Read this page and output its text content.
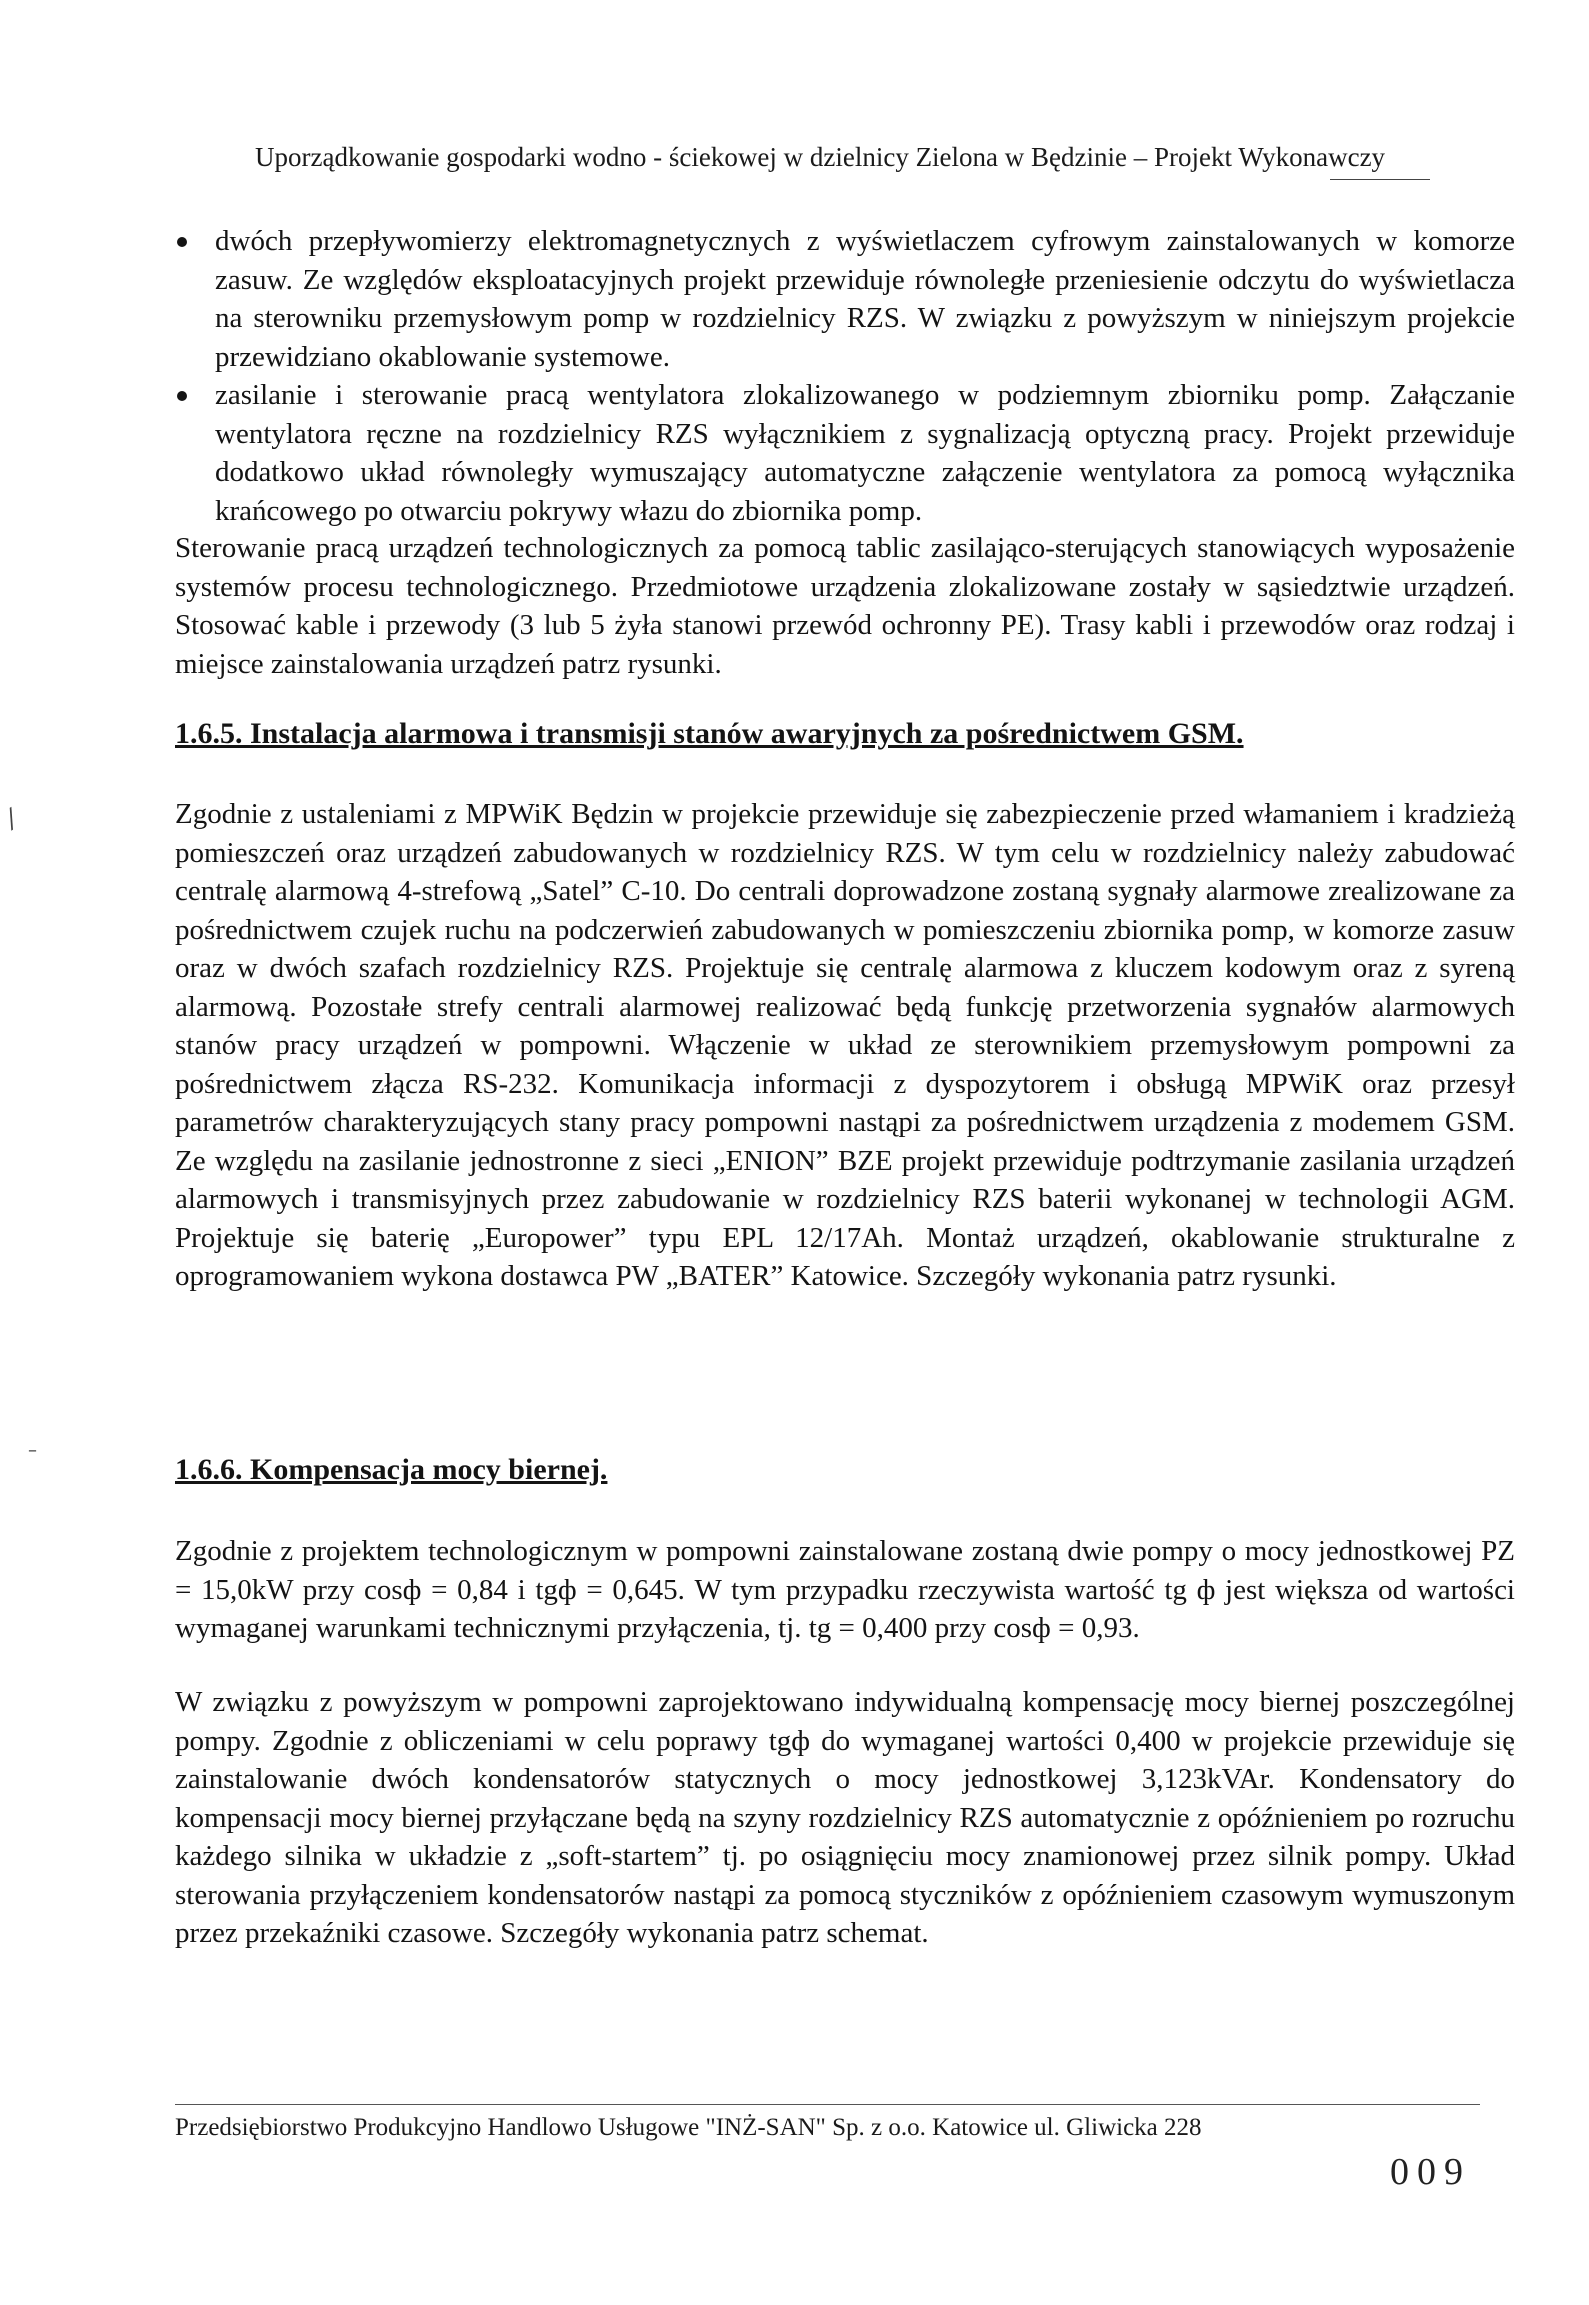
Uporządkowanie gospodarki wodno - ściekowej w dzielnicy Zielona w Będzinie – Projekt Wykonawczy
dwóch przepływomierzy elektromagnetycznych z wyświetlaczem cyfrowym zainstalowanych w komorze zasuw. Ze względów eksploatacyjnych projekt przewiduje równoległe przeniesienie odczytu do wyświetlacza na sterowniku przemysłowym pomp w rozdzielnicy RZS. W związku z powyższym w niniejszym projekcie przewidziano okablowanie systemowe.
zasilanie i sterowanie pracą wentylatora zlokalizowanego w podziemnym zbiorniku pomp. Załączanie wentylatora ręczne na rozdzielnicy RZS wyłącznikiem z sygnalizacją optyczną pracy. Projekt przewiduje dodatkowo układ równoległy wymuszający automatyczne załączenie wentylatora za pomocą wyłącznika krańcowego po otwarciu pokrywy włazu do zbiornika pomp.
Sterowanie pracą urządzeń technologicznych za pomocą tablic zasilająco-sterujących stanowiących wyposażenie systemów procesu technologicznego. Przedmiotowe urządzenia zlokalizowane zostały w sąsiedztwie urządzeń. Stosować kable i przewody (3 lub 5 żyła stanowi przewód ochronny PE). Trasy kabli i przewodów oraz rodzaj i miejsce zainstalowania urządzeń patrz rysunki.
1.6.5. Instalacja alarmowa i transmisji stanów awaryjnych za pośrednictwem GSM.
Zgodnie z ustaleniami z MPWiK Będzin w projekcie przewiduje się zabezpieczenie przed włamaniem i kradzieżą pomieszczeń oraz urządzeń zabudowanych w rozdzielnicy RZS. W tym celu w rozdzielnicy należy zabudować centralę alarmową 4-strefową „Satel” C-10. Do centrali doprowadzone zostaną sygnały alarmowe zrealizowane za pośrednictwem czujek ruchu na podczerwień zabudowanych w pomieszczeniu zbiornika pomp, w komorze zasuw oraz w dwóch szafach rozdzielnicy RZS. Projektuje się centralę alarmowa z kluczem kodowym oraz z syreną alarmową. Pozostałe strefy centrali alarmowej realizować będą funkcję przetworzenia sygnałów alarmowych stanów pracy urządzeń w pompowni. Włączenie w układ ze sterownikiem przemysłowym pompowni za pośrednictwem złącza RS-232. Komunikacja informacji z dyspozytorem i obsługą MPWiK oraz przesył parametrów charakteryzujących stany pracy pompowni nastąpi za pośrednictwem urządzenia z modemem GSM. Ze względu na zasilanie jednostronne z sieci „ENION” BZE projekt przewiduje podtrzymanie zasilania urządzeń alarmowych i transmisyjnych przez zabudowanie w rozdzielnicy RZS baterii wykonanej w technologii AGM. Projektuje się baterię „Europower” typu EPL 12/17Ah. Montaż urządzeń, okablowanie strukturalne z oprogramowaniem wykona dostawca PW „BATER” Katowice. Szczegóły wykonania patrz rysunki.
1.6.6. Kompensacja mocy biernej.
Zgodnie z projektem technologicznym w pompowni zainstalowane zostaną dwie pompy o mocy jednostkowej PZ = 15,0kW przy cosф = 0,84 i tgф = 0,645. W tym przypadku rzeczywista wartość tg ф jest większa od wartości wymaganej warunkami technicznymi przyłączenia, tj. tg = 0,400 przy cosф = 0,93.
W związku z powyższym w pompowni zaprojektowano indywidualną kompensację mocy biernej poszczególnej pompy. Zgodnie z obliczeniami w celu poprawy tgф do wymaganej wartości 0,400 w projekcie przewiduje się zainstalowanie dwóch kondensatorów statycznych o mocy jednostkowej 3,123kVAr. Kondensatory do kompensacji mocy biernej przyłączane będą na szyny rozdzielnicy RZS automatycznie z opóźnieniem po rozruchu każdego silnika w układzie z „soft-startem” tj. po osiągnięciu mocy znamionowej przez silnik pompy. Układ sterowania przyłączeniem kondensatorów nastąpi za pomocą styczników z opóźnieniem czasowym wymuszonym przez przekaźniki czasowe. Szczegóły wykonania patrz schemat.
⁄
–
Przedsiębiorstwo Produkcyjno Handlowo Usługowe "INŻ-SAN" Sp. z o.o. Katowice ul. Gliwicka 228
009
